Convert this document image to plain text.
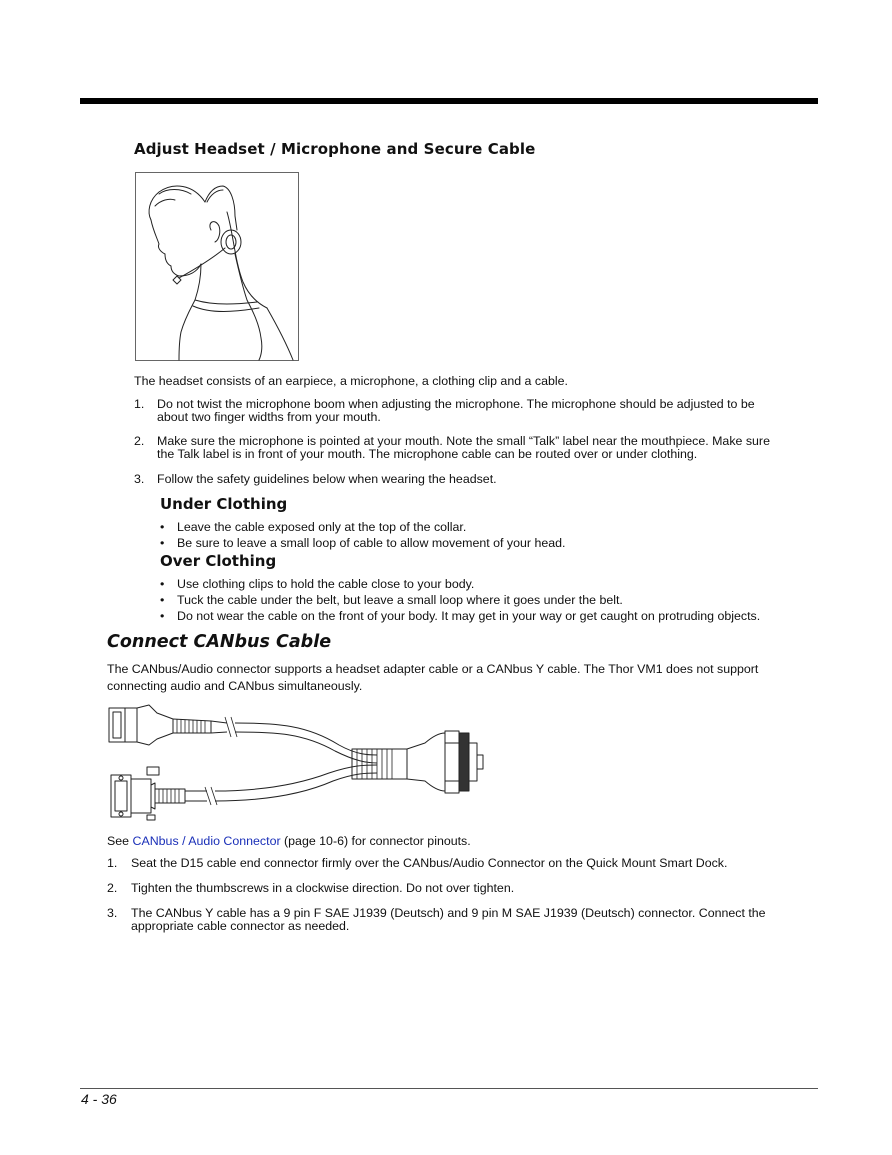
Adjust Headset / Microphone and Secure Cable
The headset consists of an earpiece, a microphone, a clothing clip and a cable.
1. Do not twist the microphone boom when adjusting the microphone. The microphone should be adjusted to be
about two finger widths from your mouth.
2. Make sure the microphone is pointed at your mouth. Note the small “Talk” label near the mouthpiece. Make sure
the Talk label is in front of your mouth. The microphone cable can be routed over or under clothing.
3. Follow the safety guidelines below when wearing the headset.
Under Clothing
• Leave the cable exposed only at the top of the collar.
• Be sure to leave a small loop of cable to allow movement of your head.
Over Clothing
• Use clothing clips to hold the cable close to your body.
• Tuck the cable under the belt, but leave a small loop where it goes under the belt.
• Do not wear the cable on the front of your body. It may get in your way or get caught on protruding objects.
Connect CANbus Cable
The CANbus/Audio connector supports a headset adapter cable or a CANbus Y cable. The Thor VM1 does not support
connecting audio and CANbus simultaneously.
See CANbus / Audio Connector (page 10-6) for connector pinouts.
1. Seat the D15 cable end connector firmly over the CANbus/Audio Connector on the Quick Mount Smart Dock.
2. Tighten the thumbscrews in a clockwise direction. Do not over tighten.
3. The CANbus Y cable has a 9 pin F SAE J1939 (Deutsch) and 9 pin M SAE J1939 (Deutsch) connector. Connect the
appropriate cable connector as needed.
4 - 36
